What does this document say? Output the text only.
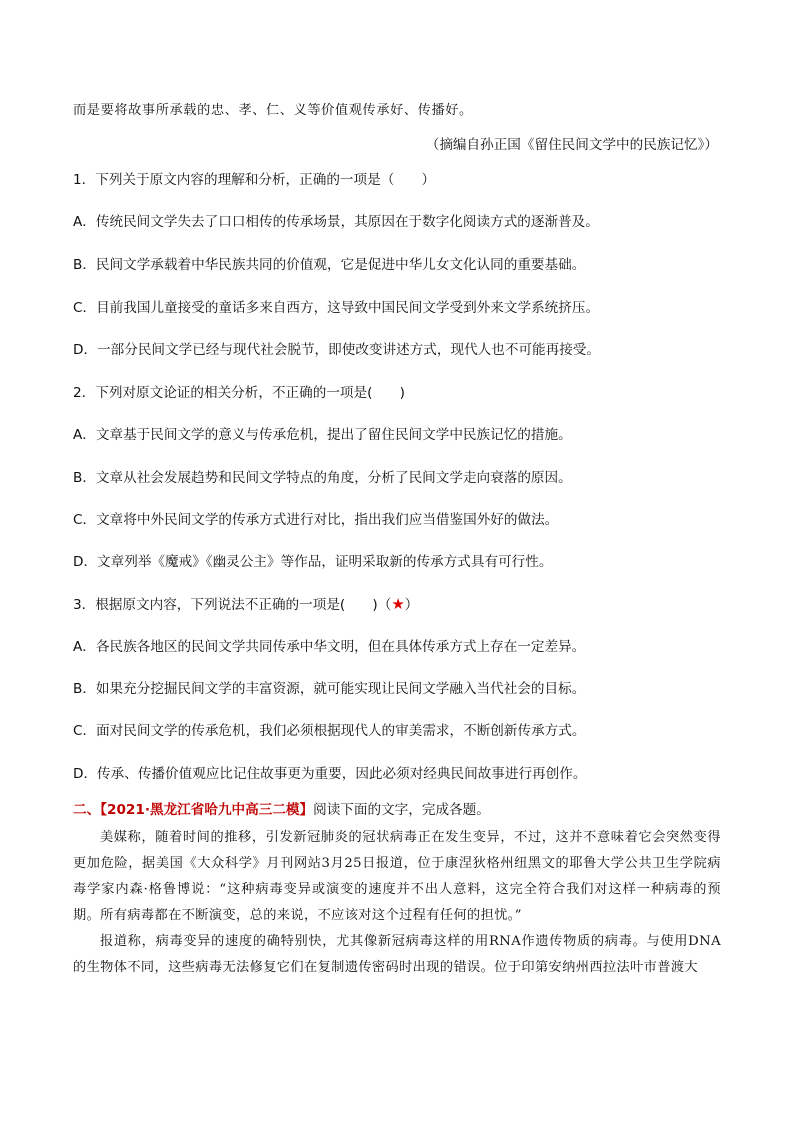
而是要将故事所承载的忠、孝、仁、义等价值观传承好、传播好。
（摘编自孙正国《留住民间文学中的民族记忆》）
1．下列关于原文内容的理解和分析，正确的一项是（　　）
A．传统民间文学失去了口口相传的传承场景，其原因在于数字化阅读方式的逐渐普及。
B．民间文学承载着中华民族共同的价值观，它是促进中华儿女文化认同的重要基础。
C．目前我国儿童接受的童话多来自西方，这导致中国民间文学受到外来文学系统挤压。
D．一部分民间文学已经与现代社会脱节，即使改变讲述方式，现代人也不可能再接受。
2．下列对原文论证的相关分析，不正确的一项是(　　)
A．文章基于民间文学的意义与传承危机，提出了留住民间文学中民族记忆的措施。
B．文章从社会发展趋势和民间文学特点的角度，分析了民间文学走向衰落的原因。
C．文章将中外民间文学的传承方式进行对比，指出我们应当借鉴国外好的做法。
D．文章列举《魔戒》《幽灵公主》等作品，证明采取新的传承方式具有可行性。
3．根据原文内容，下列说法不正确的一项是(　　)（★）
A．各民族各地区的民间文学共同传承中华文明，但在具体传承方式上存在一定差异。
B．如果充分挖掘民间文学的丰富资源，就可能实现让民间文学融入当代社会的目标。
C．面对民间文学的传承危机，我们必须根据现代人的审美需求，不断创新传承方式。
D．传承、传播价值观应比记住故事更为重要，因此必须对经典民间故事进行再创作。
二、【2021·黑龙江省哈九中高三二模】阅读下面的文字，完成各题。

美媒称，随着时间的推移，引发新冠肺炎的冠状病毒正在发生变异，不过，这并不意味着它会突然变得更加危险，据美国《大众科学》月刊网站3月25日报道，位于康涅狄格州纽黑文的耶鲁大学公共卫生学院病毒学家内森·格鲁博说：“这种病毒变异或演变的速度并不出人意料，这完全符合我们对这样一种病毒的预期。所有病毒都在不断演变，总的来说，不应该对这个过程有任何的担忧。”

报道称，病毒变异的速度的确特别快，尤其像新冠病毒这样的用RNA作遗传物质的病毒。与使用DNA的生物体不同，这些病毒无法修复它们在复制遗传密码时出现的错误。位于印第安纳州西拉法叶市普渡大
